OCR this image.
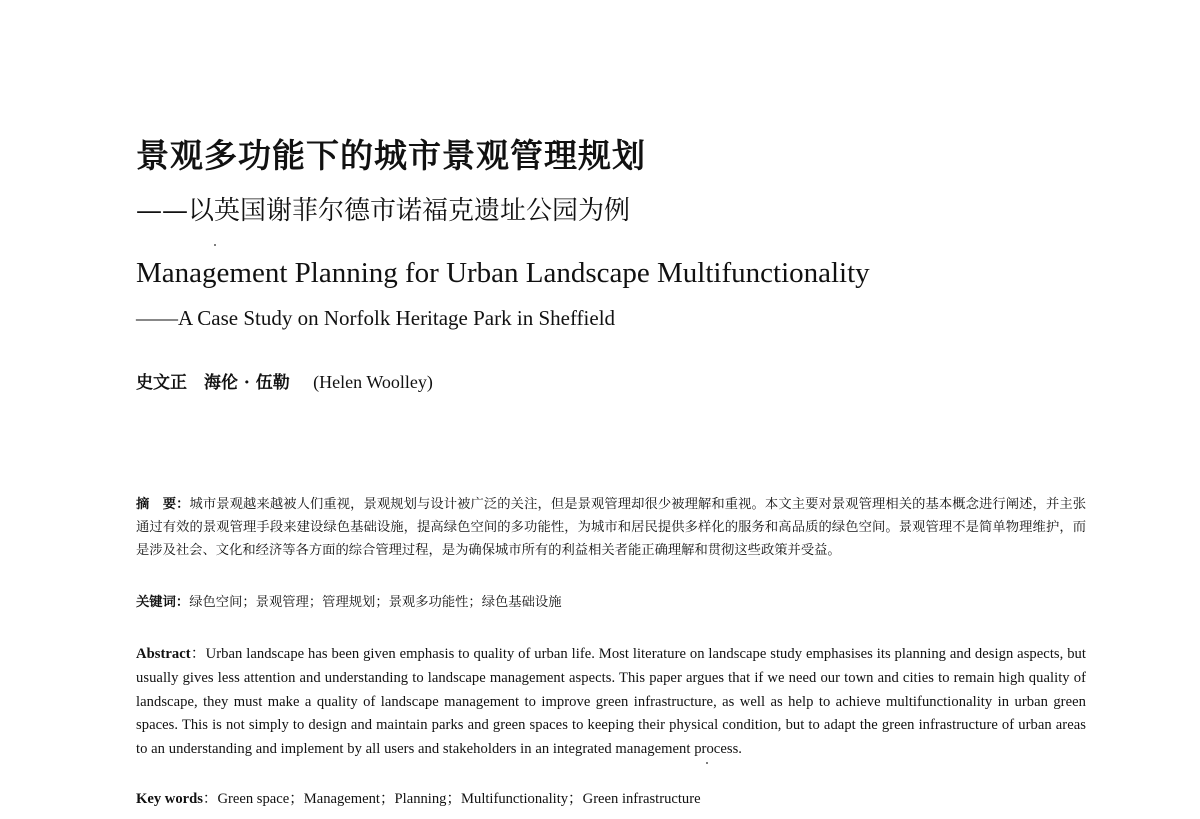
景观多功能下的城市景观管理规划
——以英国谢菲尔德市诺福克遗址公园为例
Management Planning for Urban Landscape Multifunctionality
——A Case Study on Norfolk Heritage Park in Sheffield
史文正　海伦 · 伍勒 (Helen Woolley)
摘　要：城市景观越来越被人们重视，景观规划与设计被广泛的关注，但是景观管理却很少被理解和重视。本文主要对景观管理相关的基本概念进行阐述，并主张通过有效的景观管理手段来建设绿色基础设施，提高绿色空间的多功能性，为城市和居民提供多样化的服务和高品质的绿色空间。景观管理不是简单物理维护，而是涉及社会、文化和经济等各方面的综合管理过程，是为确保城市所有的利益相关者能正确理解和贯彻这些政策并受益。
关键词：绿色空间；景观管理；管理规划；景观多功能性；绿色基础设施
Abstract：Urban landscape has been given emphasis to quality of urban life. Most literature on landscape study emphasises its planning and design aspects, but usually gives less attention and understanding to landscape management aspects. This paper argues that if we need our town and cities to remain high quality of landscape, they must make a quality of landscape management to improve green infrastructure, as well as help to achieve multifunctionality in urban green spaces. This is not simply to design and maintain parks and green spaces to keeping their physical condition, but to adapt the green infrastructure of urban areas to an understanding and implement by all users and stakeholders in an integrated management process.
Key words：Green space；Management；Planning；Multifunctionality；Green infrastructure
